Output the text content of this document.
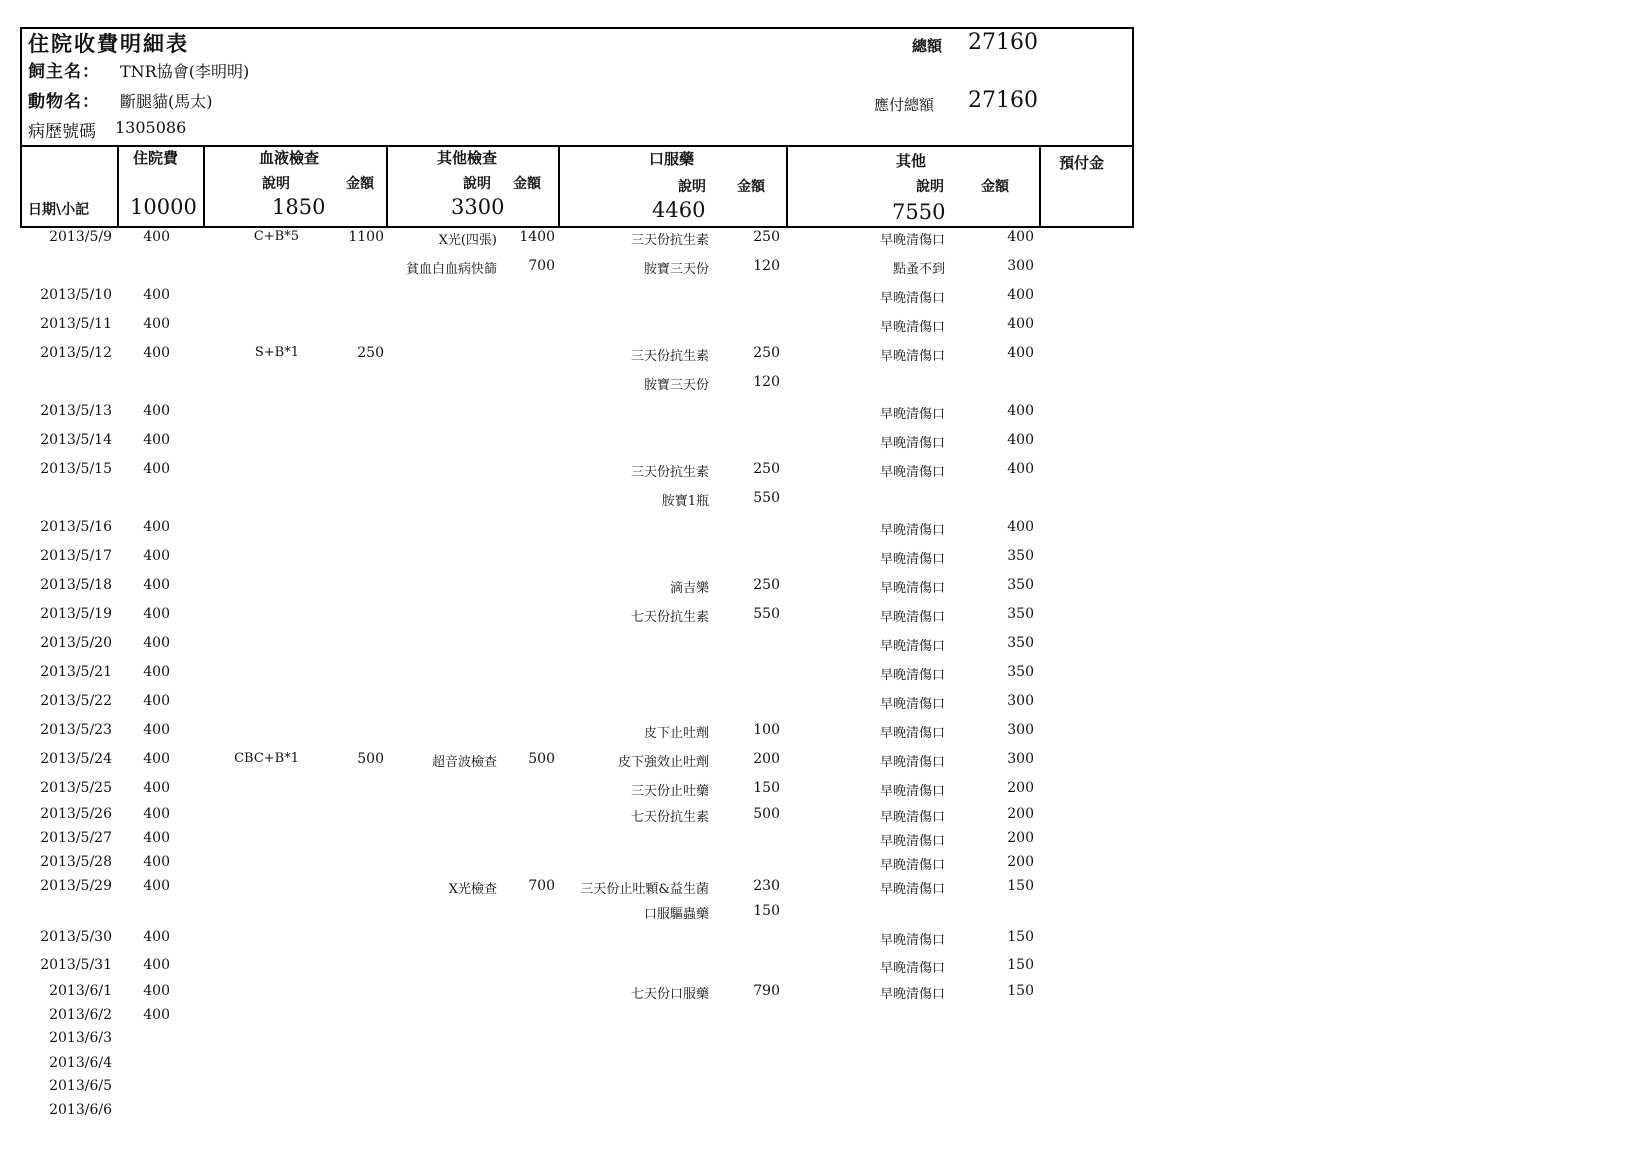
住院收費明細表
飼主名： TNR協會(李明明)
動物名： 斷腿貓(馬太)
病歷號碼 1305086
總額 27160
應付總額 27160
日期\小記
住院費
10000
血液檢查
說明	金額
1850
其他檢查
說明 金額
3300
口服藥
說明 金額
4460
其他
說明	金額
7550
預付金
2013/5/9 400	C+B*5	1100	X光(四張) 1400	三天份抗生素	250	早晚清傷口	400
貧血白血病快篩 700	胺寶三天份	120	點蚤不到	300
2013/5/10 400	早晚清傷口	400
2013/5/11 400	早晚清傷口	400
2013/5/12 400	S+B*1	250	三天份抗生素	250	早晚清傷口	400
胺寶三天份	120
2013/5/13 400	早晚清傷口	400
2013/5/14 400	早晚清傷口	400
2013/5/15 400	三天份抗生素	250	早晚清傷口	400
胺寶1瓶	550
2013/5/16 400	早晚清傷口	400
2013/5/17 400	早晚清傷口	350
2013/5/18 400	滴吉樂	250	早晚清傷口	350
2013/5/19 400	七天份抗生素	550	早晚清傷口	350
2013/5/20 400	早晚清傷口	350
2013/5/21 400	早晚清傷口	350
2013/5/22 400	早晚清傷口	300
2013/5/23 400	皮下止吐劑	100	早晚清傷口	300
2013/5/24 400	CBC+B*1	500	超音波檢查 500	皮下強效止吐劑	200	早晚清傷口	300
2013/5/25 400	三天份止吐藥	150	早晚清傷口	200
2013/5/26 400	七天份抗生素	500	早晚清傷口	200
2013/5/27 400	早晚清傷口	200
2013/5/28 400	早晚清傷口	200
2013/5/29 400	X光檢查 700 三天份止吐顆&益生菌	230	早晚清傷口	150
口服驅蟲藥	150
2013/5/30 400	早晚清傷口	150
2013/5/31 400	早晚清傷口	150
2013/6/1 400	七天份口服藥	790	早晚清傷口	150
2013/6/2 400
2013/6/3
2013/6/4
2013/6/5
2013/6/6
